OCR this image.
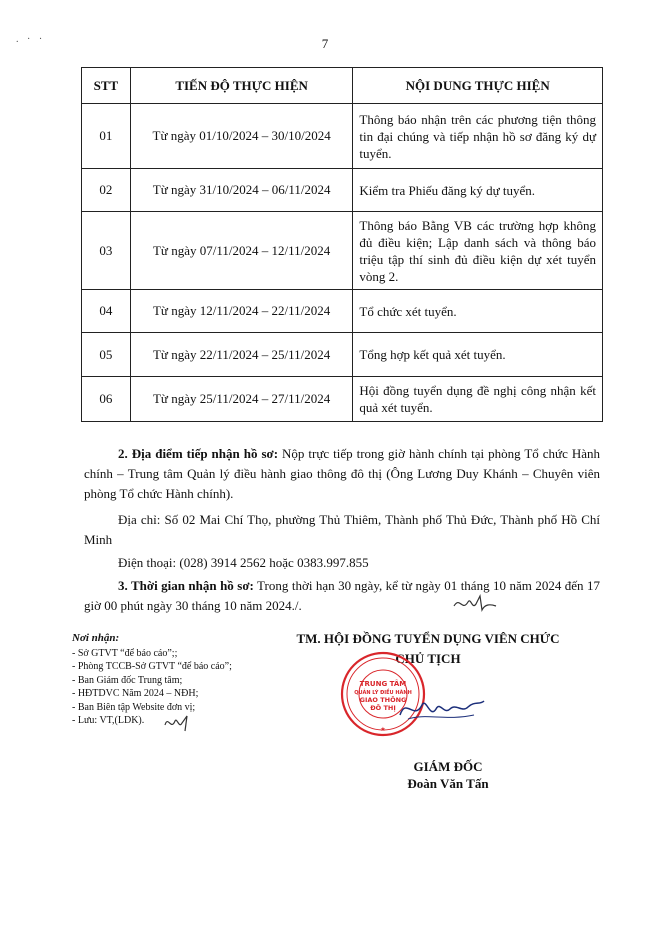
. · ·	7
STT	TIẾN ĐỘ THỰC HIỆN	NỘI DUNG THỰC HIỆN
01	Từ ngày 01/10/2024 – 30/10/2024	Thông báo nhận trên các phương tiện thông tin đại chúng và tiếp nhận hồ sơ đăng ký dự tuyển.
02	Từ ngày 31/10/2024 – 06/11/2024	Kiểm tra Phiếu đăng ký dự tuyển.
03	Từ ngày 07/11/2024 – 12/11/2024	Thông báo Bằng VB các trường hợp không đủ điều kiện; Lập danh sách và thông báo triệu tập thí sinh đủ điều kiện dự xét tuyển vòng 2.
04	Từ ngày 12/11/2024 – 22/11/2024	Tổ chức xét tuyển.
05	Từ ngày 22/11/2024 – 25/11/2024	Tổng hợp kết quả xét tuyển.
06	Từ ngày 25/11/2024 – 27/11/2024	Hội đồng tuyển dụng đề nghị công nhận kết quả xét tuyển.

2. Địa điểm tiếp nhận hồ sơ: Nộp trực tiếp trong giờ hành chính tại phòng Tổ chức Hành chính – Trung tâm Quản lý điều hành giao thông đô thị (Ông Lương Duy Khánh – Chuyên viên phòng Tổ chức Hành chính).

Địa chỉ: Số 02 Mai Chí Thọ, phường Thủ Thiêm, Thành phố Thủ Đức, Thành phố Hồ Chí Minh

Điện thoại: (028) 3914 2562 hoặc 0383.997.855

3. Thời gian nhận hồ sơ: Trong thời hạn 30 ngày, kể từ ngày 01 tháng 10 năm 2024 đến 17 giờ 00 phút ngày 30 tháng 10 năm 2024./.

Nơi nhận:
- Sở GTVT “để báo cáo”;;
- Phòng TCCB-Sở GTVT “để báo cáo”;
- Ban Giám đốc Trung tâm;
- HĐTDVC Năm 2024 – NĐH;
- Ban Biên tập Website đơn vị;
- Lưu: VT,(LDK).
TM. HỘI ĐỒNG TUYỂN DỤNG VIÊN CHỨC
CHỦ TỊCH
TRUNG TÂM
QUẢN LÝ ĐIỀU HÀNH
GIAO THÔNG
ĐÔ THỊ
★
GIÁM ĐỐC
Đoàn Văn Tấn
